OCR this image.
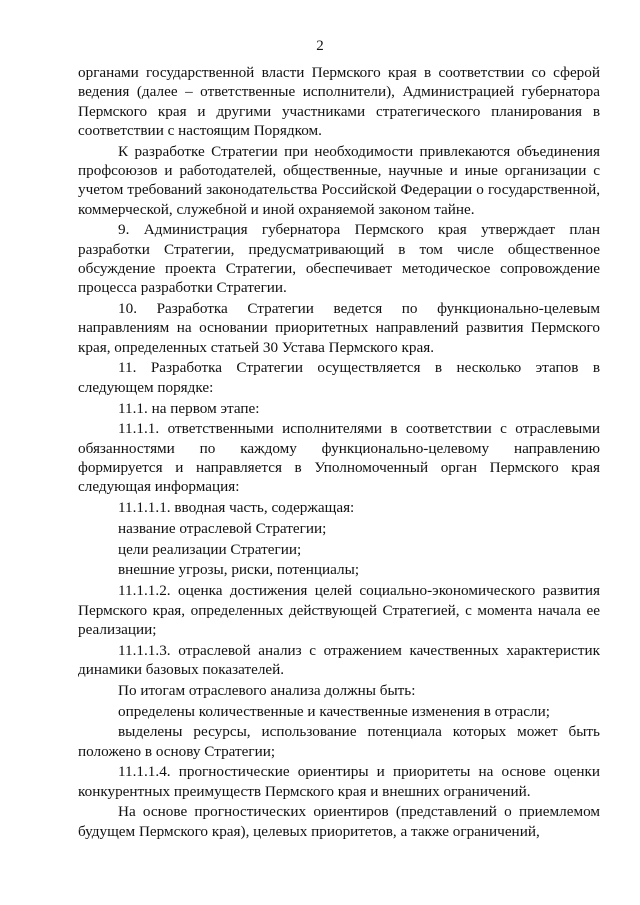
2

органами государственной власти Пермского края в соответствии со сферой ведения (далее – ответственные исполнители), Администрацией губернатора Пермского края и другими участниками стратегического планирования в соответствии с настоящим Порядком.

К разработке Стратегии при необходимости привлекаются объединения профсоюзов и работодателей, общественные, научные и иные организации с учетом требований законодательства Российской Федерации о государственной, коммерческой, служебной и иной охраняемой законом тайне.

9. Администрация губернатора Пермского края утверждает план разработки Стратегии, предусматривающий в том числе общественное обсуждение проекта Стратегии, обеспечивает методическое сопровождение процесса разработки Стратегии.

10. Разработка Стратегии ведется по функционально-целевым направлениям на основании приоритетных направлений развития Пермского края, определенных статьей 30 Устава Пермского края.

11. Разработка Стратегии осуществляется в несколько этапов в следующем порядке:

11.1. на первом этапе:

11.1.1. ответственными исполнителями в соответствии с отраслевыми обязанностями по каждому функционально-целевому направлению формируется и направляется в Уполномоченный орган Пермского края следующая информация:

11.1.1.1. вводная часть, содержащая:

название отраслевой Стратегии;

цели реализации Стратегии;

внешние угрозы, риски, потенциалы;

11.1.1.2. оценка достижения целей социально-экономического развития Пермского края, определенных действующей Стратегией, с момента начала ее реализации;

11.1.1.3. отраслевой анализ с отражением качественных характеристик динамики базовых показателей.

По итогам отраслевого анализа должны быть:

определены количественные и качественные изменения в отрасли;

выделены ресурсы, использование потенциала которых может быть положено в основу Стратегии;

11.1.1.4. прогностические ориентиры и приоритеты на основе оценки конкурентных преимуществ Пермского края и внешних ограничений.

На основе прогностических ориентиров (представлений о приемлемом будущем Пермского края), целевых приоритетов, а также ограничений,
